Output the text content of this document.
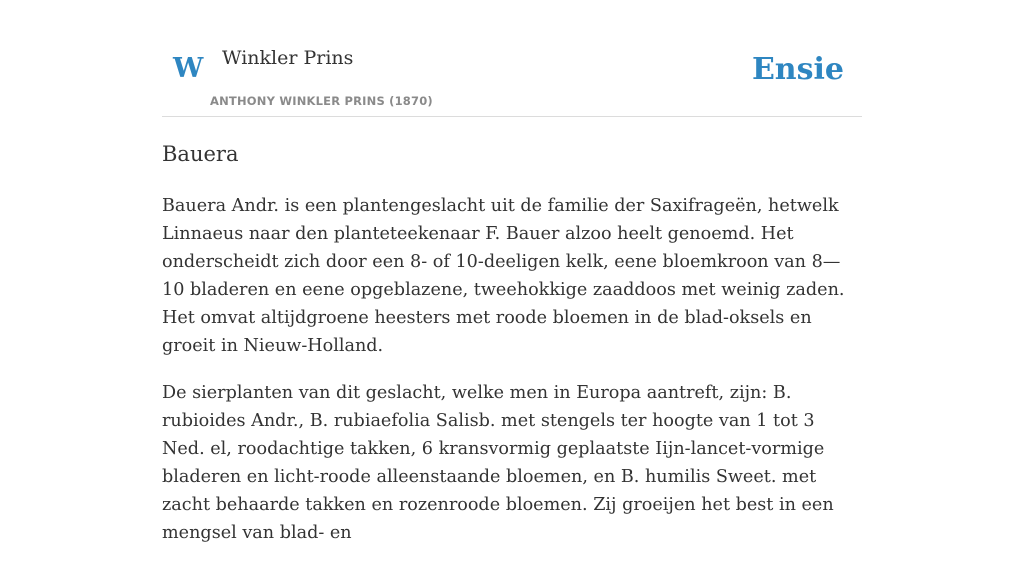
W Winkler Prins
ANTHONY WINKLER PRINS (1870)
Ensie
Bauera

Bauera Andr. is een plantengeslacht uit de familie der Saxifrageën, hetwelk Linnaeus naar den planteteekenaar F. Bauer alzoo heelt genoemd. Het onderscheidt zich door een 8- of 10-deeligen kelk, eene bloemkroon van 8—10 bladeren en eene opgeblazene, tweehokkige zaaddoos met weinig zaden. Het omvat altijdgroene heesters met roode bloemen in de blad-oksels en groeit in Nieuw-Holland.

De sierplanten van dit geslacht, welke men in Europa aantreft, zijn: B. rubioides Andr., B. rubiaefolia Salisb. met stengels ter hoogte van 1 tot 3 Ned. el, roodachtige takken, 6 kransvormig geplaatste Iijn-lancet-vormige bladeren en licht-roode alleenstaande bloemen, en B. humilis Sweet. met zacht behaarde takken en rozenroode bloemen. Zij groeijen het best in een mengsel van blad- en
